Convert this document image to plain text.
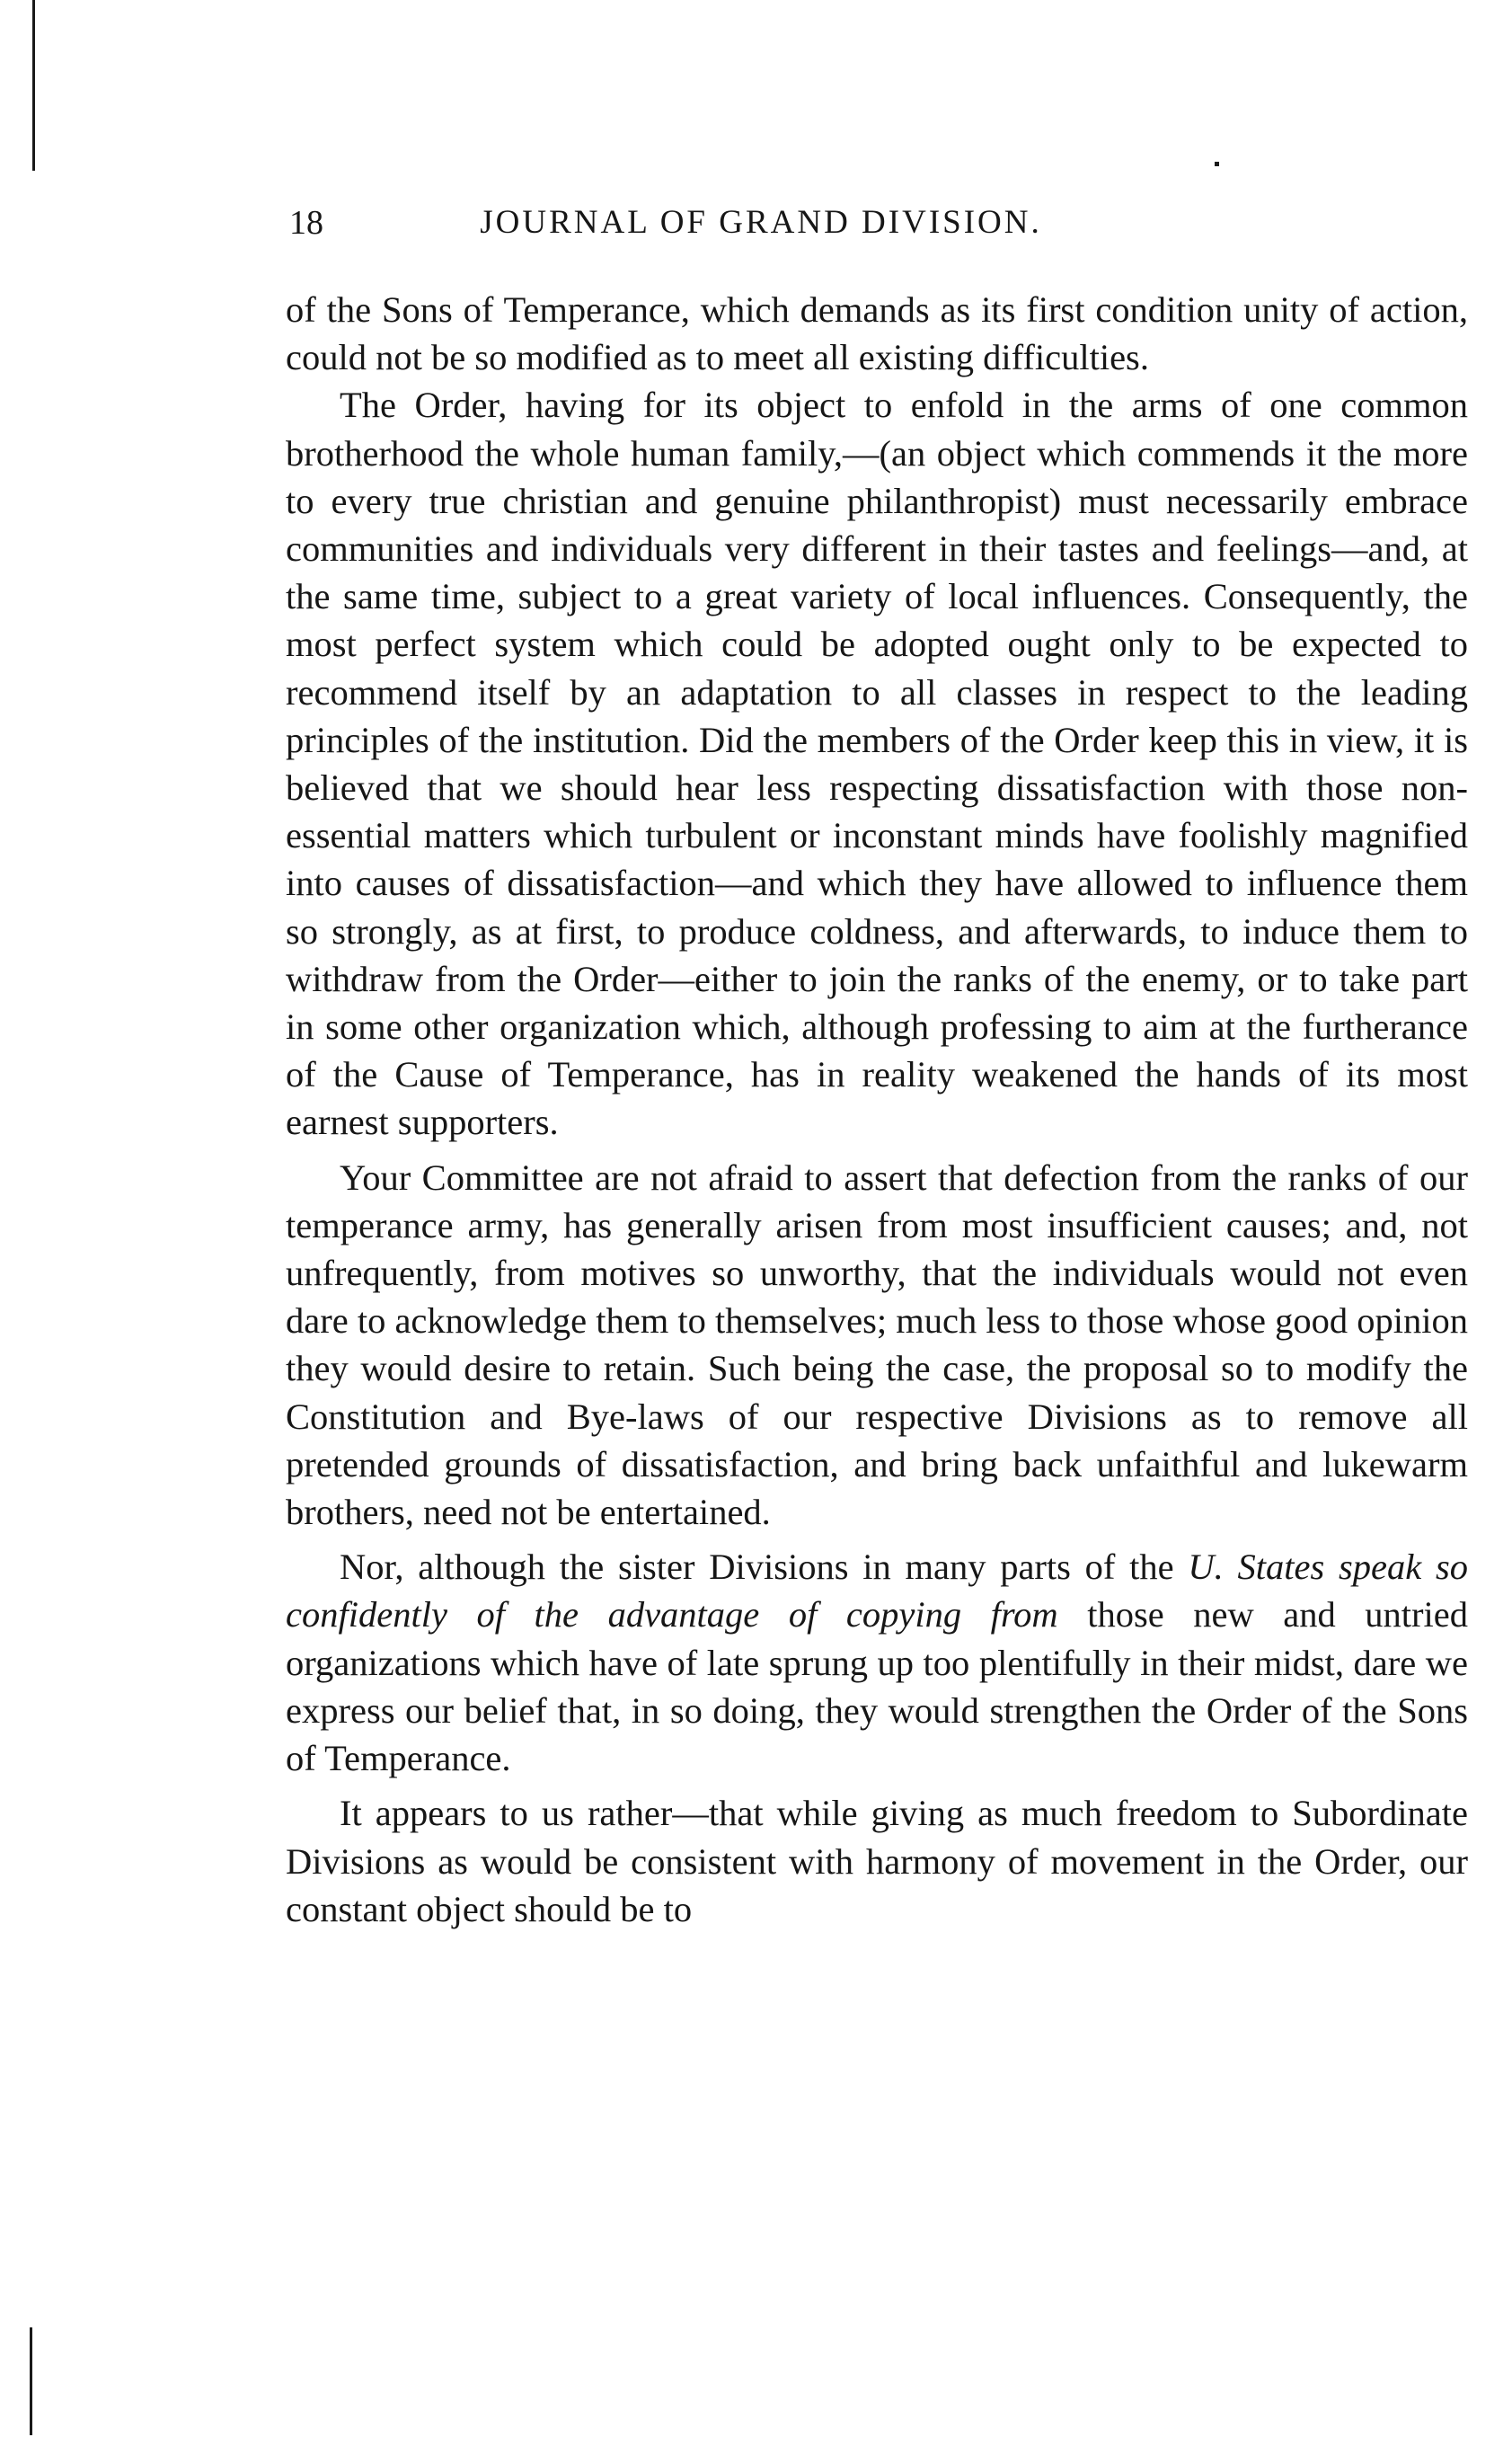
18	JOURNAL OF GRAND DIVISION.

of the Sons of Temperance, which demands as its first condition unity of action, could not be so modified as to meet all existing difficulties.

The Order, having for its object to enfold in the arms of one common brotherhood the whole human family,—(an object which commends it the more to every true christian and genuine philanthropist) must necessarily embrace communities and individuals very different in their tastes and feelings—and, at the same time, subject to a great variety of local influences. Consequently, the most perfect system which could be adopted ought only to be expected to recommend itself by an adaptation to all classes in respect to the leading principles of the institution. Did the members of the Order keep this in view, it is believed that we should hear less respecting dissatisfaction with those non-essential matters which turbulent or inconstant minds have foolishly magnified into causes of dissatisfaction—and which they have allowed to influence them so strongly, as at first, to produce coldness, and afterwards, to induce them to withdraw from the Order—either to join the ranks of the enemy, or to take part in some other organization which, although professing to aim at the furtherance of the Cause of Temperance, has in reality weakened the hands of its most earnest supporters.

Your Committee are not afraid to assert that defection from the ranks of our temperance army, has generally arisen from most insufficient causes; and, not unfrequently, from motives so unworthy, that the individuals would not even dare to acknowledge them to themselves; much less to those whose good opinion they would desire to retain. Such being the case, the proposal so to modify the Constitution and Bye-laws of our respective Divisions as to remove all pretended grounds of dissatisfaction, and bring back unfaithful and lukewarm brothers, need not be entertained.

Nor, although the sister Divisions in many parts of the U. States speak so confidently of the advantage of copying from those new and untried organizations which have of late sprung up too plentifully in their midst, dare we express our belief that, in so doing, they would strengthen the Order of the Sons of Temperance.

It appears to us rather—that while giving as much freedom to Subordinate Divisions as would be consistent with harmony of movement in the Order, our constant object should be to
